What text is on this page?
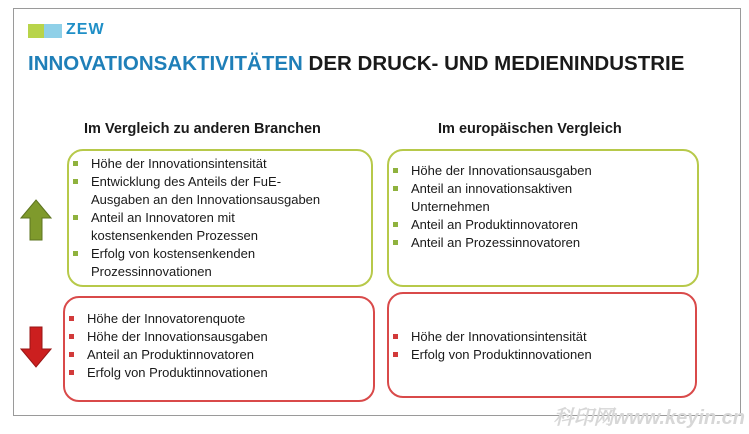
ZEW
INNOVATIONSAKTIVITÄTEN DER DRUCK- UND MEDIENINDUSTRIE
Im Vergleich zu anderen Branchen	Im europäischen Vergleich
Höhe der Innovationsintensität
Entwicklung des Anteils der FuE-
Ausgaben an den Innovationsausgaben
Anteil an Innovatoren mit
kostensenkenden Prozessen
Erfolg von kostensenkenden
Prozessinnovationen
Höhe der Innovationsausgaben
Anteil an innovationsaktiven
Unternehmen
Anteil an Produktinnovatoren
Anteil an Prozessinnovatoren
Höhe der Innovatorenquote
Höhe der Innovationsausgaben
Anteil an Produktinnovatoren
Erfolg von Produktinnovationen
Höhe der Innovationsintensität
Erfolg von Produktinnovationen
科印网www.keyin.cn
